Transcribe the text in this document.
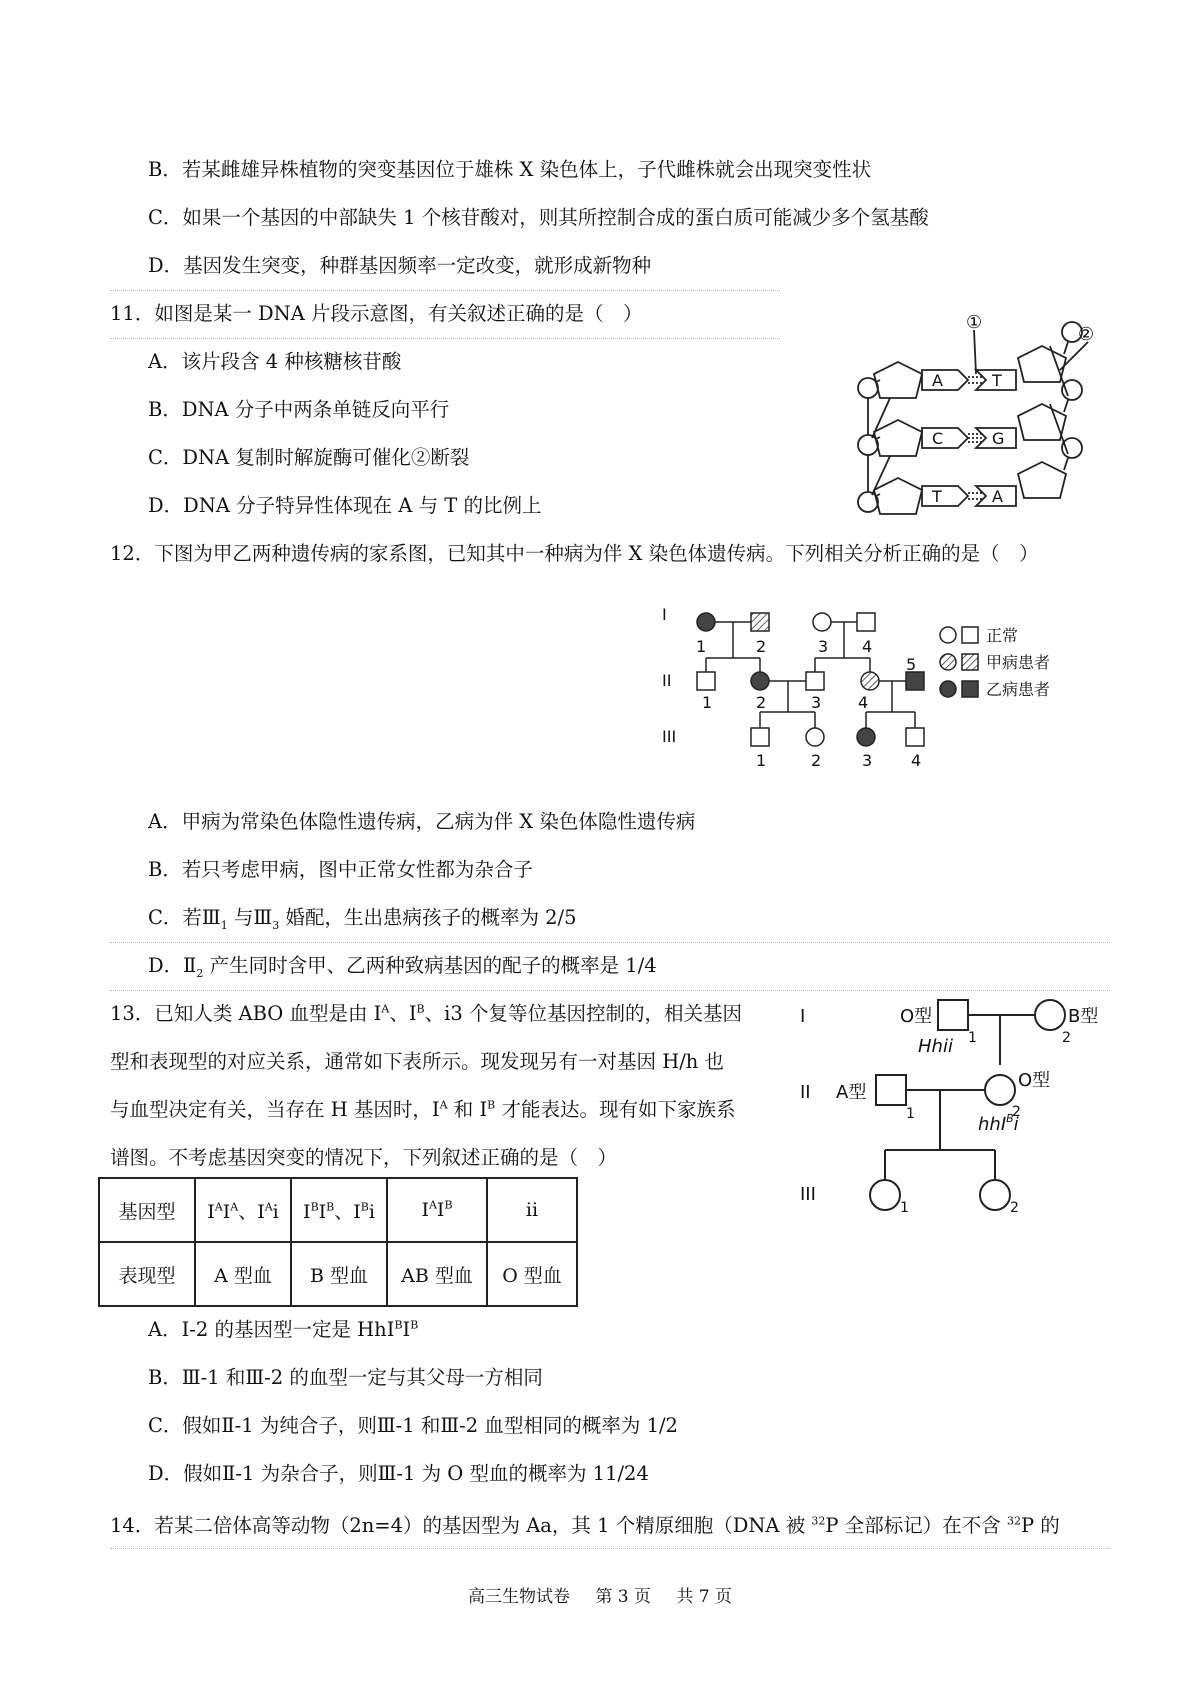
B．若某雌雄异株植物的突变基因位于雄株 X 染色体上，子代雌株就会出现突变性状
C．如果一个基因的中部缺失 1 个核苷酸对，则其所控制合成的蛋白质可能减少多个氢基酸
D．基因发生突变，种群基因频率一定改变，就形成新物种
11．如图是某一 DNA 片段示意图，有关叙述正确的是（　）
A．该片段含 4 种核糖核苷酸
B．DNA 分子中两条单链反向平行
C．DNA 复制时解旋酶可催化②断裂
D．DNA 分子特异性体现在 A 与 T 的比例上
①
②
A	T
C	G
T	A
12．下图为甲乙两种遗传病的家系图，已知其中一种病为伴 X 染色体遗传病。下列相关分析正确的是（　）
I
II
III
1	2	3 4
1	2	3 4
5
1	2	3 4
正常
甲病患者
乙病患者
A．甲病为常染色体隐性遗传病，乙病为伴 X 染色体隐性遗传病
B．若只考虑甲病，图中正常女性都为杂合子
C．若$Ⅲ_1$ 与$Ⅲ_3$ 婚配，生出患病孩子的概率为 2/5
D．$Ⅱ_2$ 产生同时含甲、乙两种致病基因的配子的概率是 1/4
13．已知人类 ABO 血型是由 $I^A$、$I^B$、i3 个复等位基因控制的，相关基因
型和表现型的对应关系，通常如下表所示。现发现另有一对基因 H/h 也
与血型决定有关，当存在 H 基因时，$I^A$ 和 $I^B$ 才能表达。现有如下家族系
谱图。不考虑基因突变的情况下，下列叙述正确的是（　）
基因型	$I^AI^A$、$I^Ai$	$I^BI^B$、$I^Bi$	$I^AI^B$	ii
表现型	A 型血	B 型血	AB 型血	O 型血
I
II
III
O型	B型
A型
O型
Hhii
hhI$^B$i
1	2
1	2
1	2
A．I-2 的基因型一定是 $HhI^BI^B$
B．Ⅲ-1 和Ⅲ-2 的血型一定与其父母一方相同
C．假如Ⅱ-1 为纯合子，则Ⅲ-1 和Ⅲ-2 血型相同的概率为 1/2
D．假如Ⅱ-1 为杂合子，则Ⅲ-1 为 O 型血的概率为 11/24
14．若某二倍体高等动物（2n=4）的基因型为 Aa，其 1 个精原细胞（DNA 被 $^{32}$P 全部标记）在不含 $^{32}$P 的
高三生物试卷 第 3 页 共 7 页
